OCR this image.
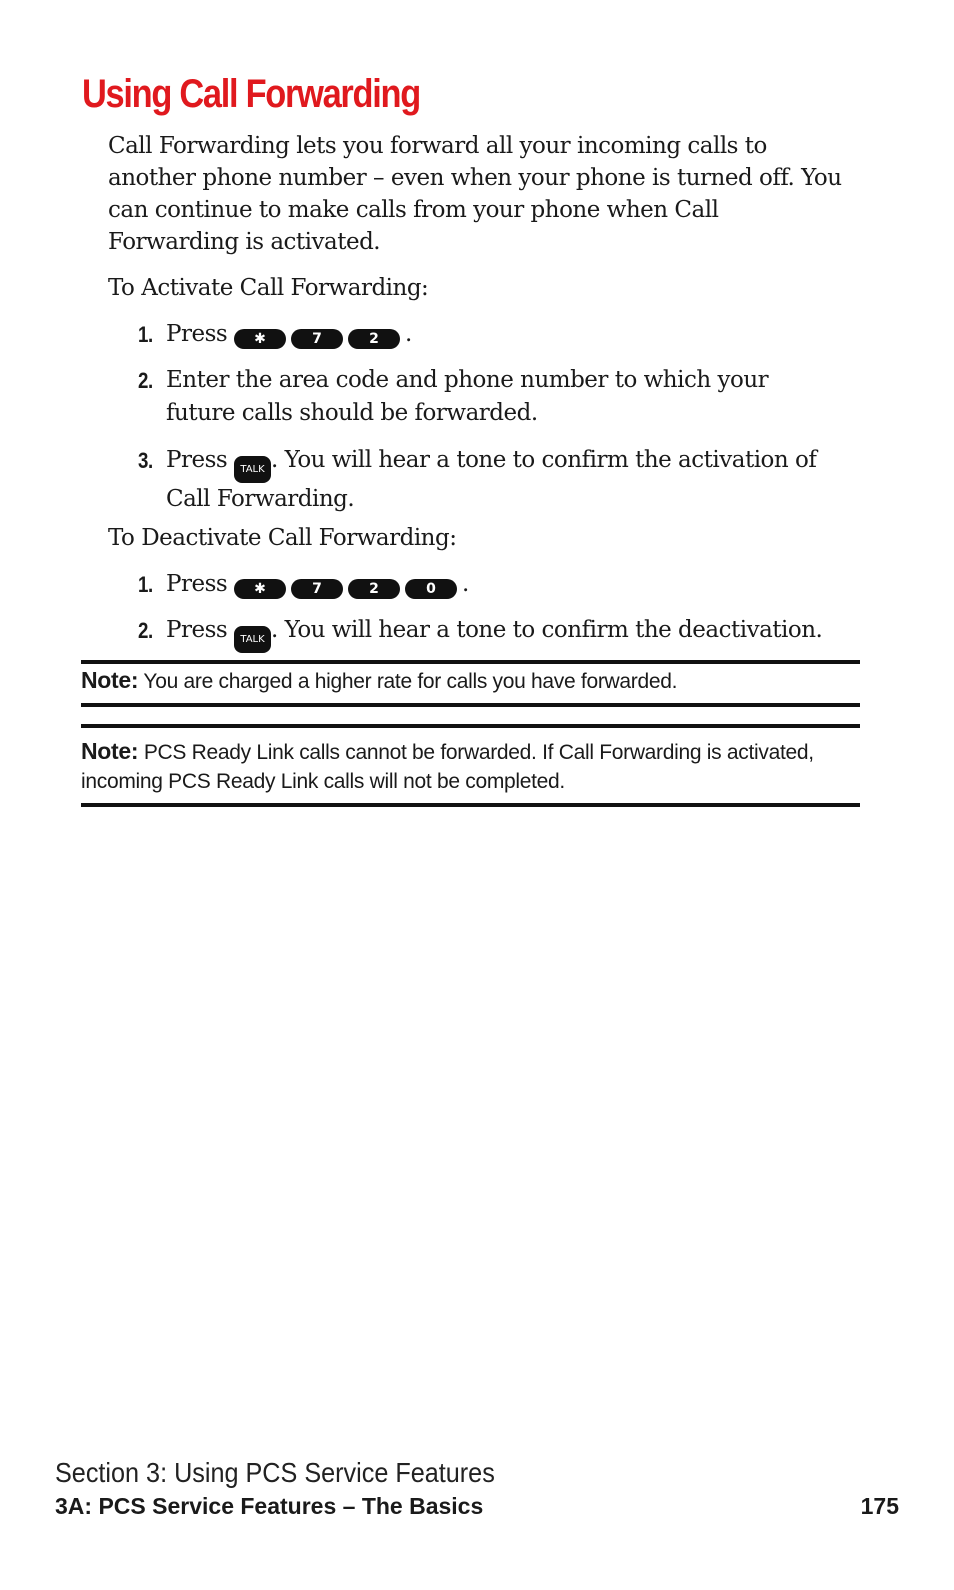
Using Call Forwarding

Call Forwarding lets you forward all your incoming calls to another phone number – even when your phone is turned off. You can continue to make calls from your phone when Call Forwarding is activated.

To Activate Call Forwarding:

1. Press ✱	7	2 .
2. Enter the area code and phone number to which your future calls should be forwarded.
3. Press TALK . You will hear a tone to confirm the activation of Call Forwarding.

To Deactivate Call Forwarding:

1. Press ✱	7	2	0 .
2. Press TALK . You will hear a tone to confirm the deactivation.

Note: You are charged a higher rate for calls you have forwarded.

Note: PCS Ready Link calls cannot be forwarded. If Call Forwarding is activated, incoming PCS Ready Link calls will not be completed.

Section 3: Using PCS Service Features

3A: PCS Service Features – The Basics	175
